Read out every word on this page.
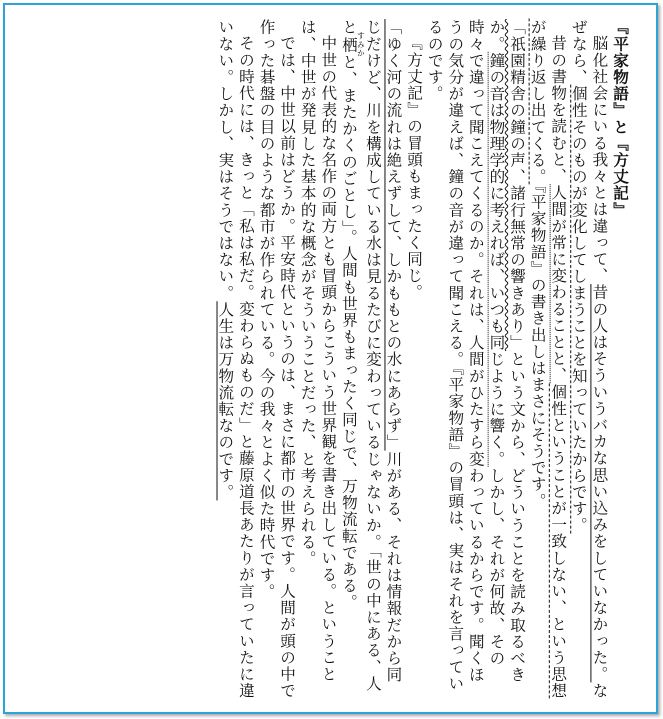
『平家物語』と『方丈記』

脳化社会にいる我々とは違って、昔の人はそういうバカな思い込みをしていなかった。なぜなら、個性そのものが変化してしまうことを知っていたからです。

昔の書物を読むと、人間が常に変わることと、個性ということが一致しない、という思想が繰り返し出てくる。『平家物語』の書き出しはまさにそうです。

「祇園精舎の鐘の声、諸行無常の響きあり」という文から、どういうことを読み取るべきか。鐘の音は物理学的に考えれば、いつも同じように響く。しかし、それが何故、その時々で違って聞こえてくるのか。それは、人間がひたすら変わっているからです。聞くほうの気分が違えば、鐘の音が違って聞こえる。『平家物語』の冒頭は、実はそれを言っているのです。

『方丈記』の冒頭もまったく同じ。

「ゆく河の流れは絶えずして、しかももとの水にあらず」川がある、それは情報だから同じだけど、川を構成している水は見るたびに変わっているじゃないか。「世の中にある、人と栖すみかと、またかくのごとし」。人間も世界もまったく同じで、万物流転である。

中世の代表的な名作の両方とも冒頭からこういう世界観を書き出している。ということは、中世が発見した基本的な概念がそういうことだった、と考えられる。

では、中世以前はどうか。平安時代というのは、まさに都市の世界です。人間が頭の中で作った碁盤の目のような都市が作られている。今の我々とよく似た時代です。

その時代には、きっと「私は私だ。変わらぬものだ」と藤原道長あたりが言っていたに違いない。しかし、実はそうではない。人生は万物流転なのです。
